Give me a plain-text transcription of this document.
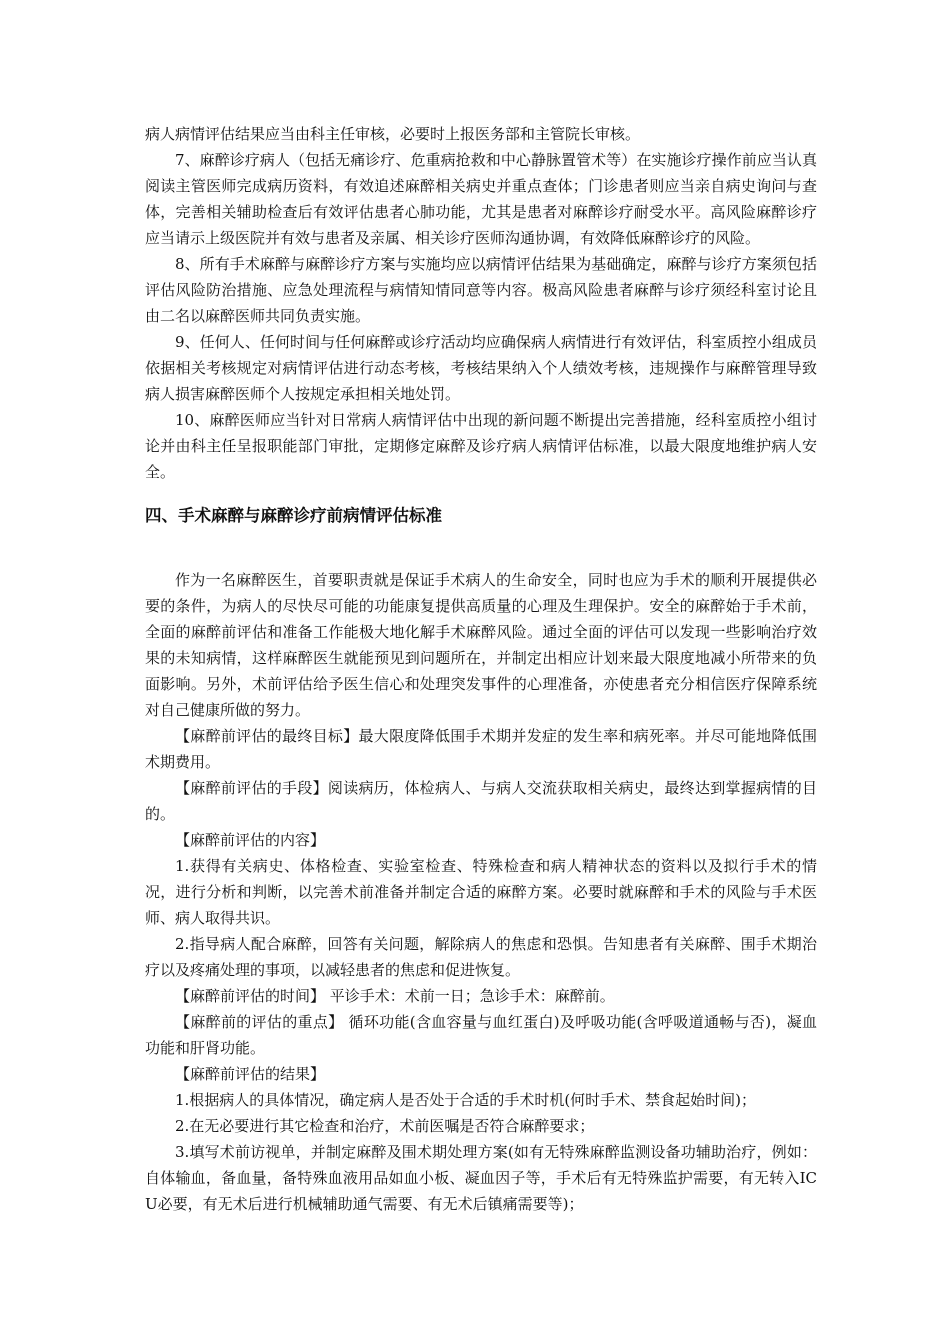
病人病情评估结果应当由科主任审核，必要时上报医务部和主管院长审核。

7、麻醉诊疗病人（包括无痛诊疗、危重病抢救和中心静脉置管术等）在实施诊疗操作前应当认真阅读主管医师完成病历资料，有效追述麻醉相关病史并重点查体；门诊患者则应当亲自病史询问与查体，完善相关辅助检查后有效评估患者心肺功能，尤其是患者对麻醉诊疗耐受水平。高风险麻醉诊疗应当请示上级医院并有效与患者及亲属、相关诊疗医师沟通协调，有效降低麻醉诊疗的风险。

8、所有手术麻醉与麻醉诊疗方案与实施均应以病情评估结果为基础确定，麻醉与诊疗方案须包括评估风险防治措施、应急处理流程与病情知情同意等内容。极高风险患者麻醉与诊疗须经科室讨论且由二名以麻醉医师共同负责实施。

9、任何人、任何时间与任何麻醉或诊疗活动均应确保病人病情进行有效评估，科室质控小组成员依据相关考核规定对病情评估进行动态考核，考核结果纳入个人绩效考核，违规操作与麻醉管理导致病人损害麻醉医师个人按规定承担相关地处罚。

10、麻醉医师应当针对日常病人病情评估中出现的新问题不断提出完善措施，经科室质控小组讨论并由科主任呈报职能部门审批，定期修定麻醉及诊疗病人病情评估标准，以最大限度地维护病人安全。

四、手术麻醉与麻醉诊疗前病情评估标准

作为一名麻醉医生，首要职责就是保证手术病人的生命安全，同时也应为手术的顺利开展提供必要的条件，为病人的尽快尽可能的功能康复提供高质量的心理及生理保护。安全的麻醉始于手术前，全面的麻醉前评估和准备工作能极大地化解手术麻醉风险。通过全面的评估可以发现一些影响治疗效果的未知病情，这样麻醉医生就能预见到问题所在，并制定出相应计划来最大限度地减小所带来的负面影响。另外，术前评估给予医生信心和处理突发事件的心理准备，亦使患者充分相信医疗保障系统对自己健康所做的努力。

【麻醉前评估的最终目标】最大限度降低围手术期并发症的发生率和病死率。并尽可能地降低围术期费用。

【麻醉前评估的手段】阅读病历，体检病人、与病人交流获取相关病史，最终达到掌握病情的目的。

【麻醉前评估的内容】

1.获得有关病史、体格检查、实验室检查、特殊检查和病人精神状态的资料以及拟行手术的情况，进行分析和判断，以完善术前准备并制定合适的麻醉方案。必要时就麻醉和手术的风险与手术医师、病人取得共识。

2.指导病人配合麻醉，回答有关问题，解除病人的焦虑和恐惧。告知患者有关麻醉、围手术期治疗以及疼痛处理的事项，以减轻患者的焦虑和促进恢复。

【麻醉前评估的时间】 平诊手术：术前一日；急诊手术：麻醉前。

【麻醉前的评估的重点】 循环功能(含血容量与血红蛋白)及呼吸功能(含呼吸道通畅与否)，凝血功能和肝肾功能。

【麻醉前评估的结果】

1.根据病人的具体情况，确定病人是否处于合适的手术时机(何时手术、禁食起始时间)；

2.在无必要进行其它检查和治疗，术前医嘱是否符合麻醉要求；

3.填写术前访视单，并制定麻醉及围术期处理方案(如有无特殊麻醉监测设备功辅助治疗，例如：自体输血，备血量，备特殊血液用品如血小板、凝血因子等，手术后有无特殊监护需要，有无转入ICU必要，有无术后进行机械辅助通气需要、有无术后镇痛需要等)；
